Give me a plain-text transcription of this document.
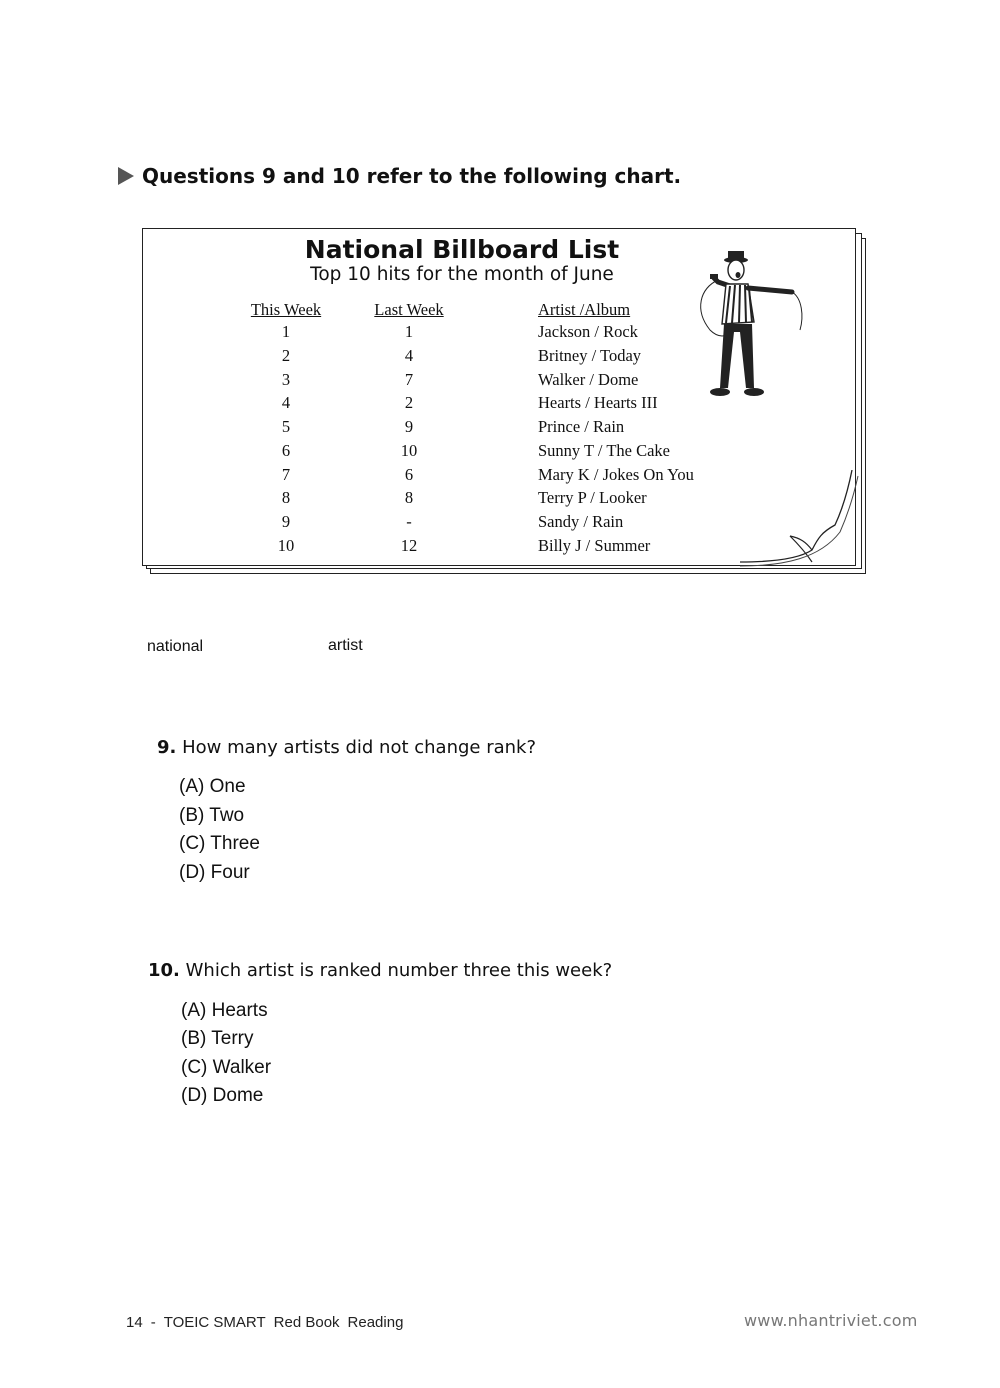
Questions 9 and 10 refer to the following chart.
National Billboard List
Top 10 hits for the month of June
This Week	Last Week	Artist /Album
1	1	Jackson / Rock
2	4	Britney / Today
3	7	Walker / Dome
4	2	Hearts / Hearts III
5	9	Prince / Rain
6	10	Sunny T / The Cake
7	6	Mary K / Jokes On You
8	8	Terry P / Looker
9	-	Sandy / Rain
10	12	Billy J / Summer
national	artist
9. How many artists did not change rank?
(A) One
(B) Two
(C) Three
(D) Four
10. Which artist is ranked number three this week?
(A) Hearts
(B) Terry
(C) Walker
(D) Dome
14 - TOEIC SMART Red Book Reading	www.nhantriviet.com
